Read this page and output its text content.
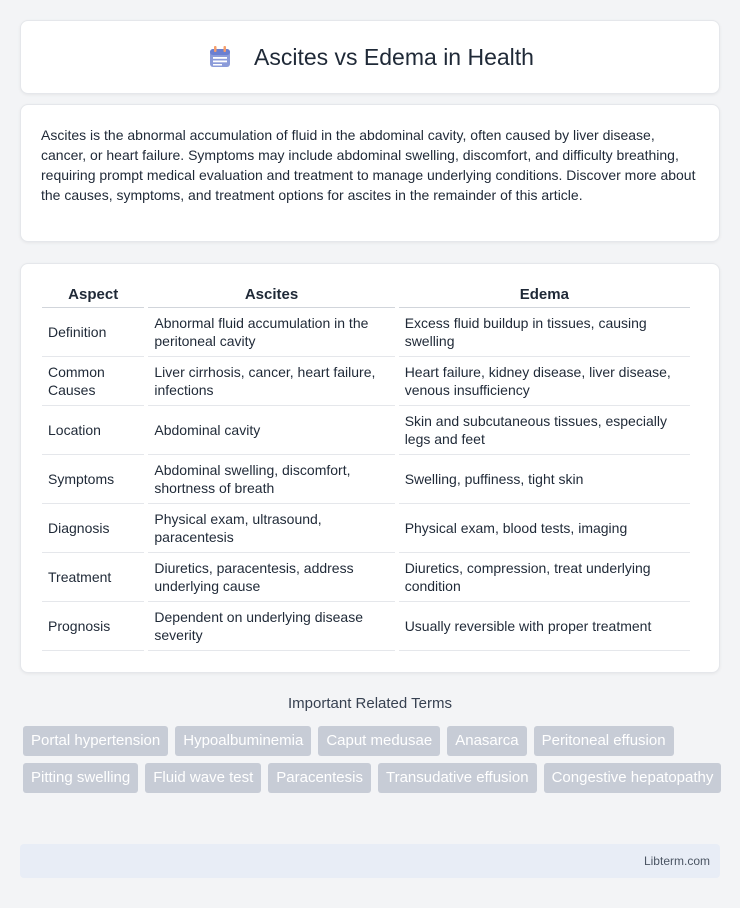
Ascites vs Edema in Health

Ascites is the abnormal accumulation of fluid in the abdominal cavity, often caused by liver disease, cancer, or heart failure. Symptoms may include abdominal swelling, discomfort, and difficulty breathing, requiring prompt medical evaluation and treatment to manage underlying conditions. Discover more about the causes, symptoms, and treatment options for ascites in the remainder of this article.

Aspect	Ascites	Edema
Definition	Abnormal fluid accumulation in the peritoneal cavity	Excess fluid buildup in tissues, causing swelling
Common Causes	Liver cirrhosis, cancer, heart failure, infections	Heart failure, kidney disease, liver disease, venous insufficiency
Location	Abdominal cavity	Skin and subcutaneous tissues, especially legs and feet
Symptoms	Abdominal swelling, discomfort, shortness of breath	Swelling, puffiness, tight skin
Diagnosis	Physical exam, ultrasound, paracentesis	Physical exam, blood tests, imaging
Treatment	Diuretics, paracentesis, address underlying cause	Diuretics, compression, treat underlying condition
Prognosis	Dependent on underlying disease severity	Usually reversible with proper treatment
Important Related Terms
Portal hypertension	Hypoalbuminemia	Caput medusae	Anasarca	Peritoneal effusion
Pitting swelling	Fluid wave test	Paracentesis	Transudative effusion	Congestive hepatopathy
Libterm.com
